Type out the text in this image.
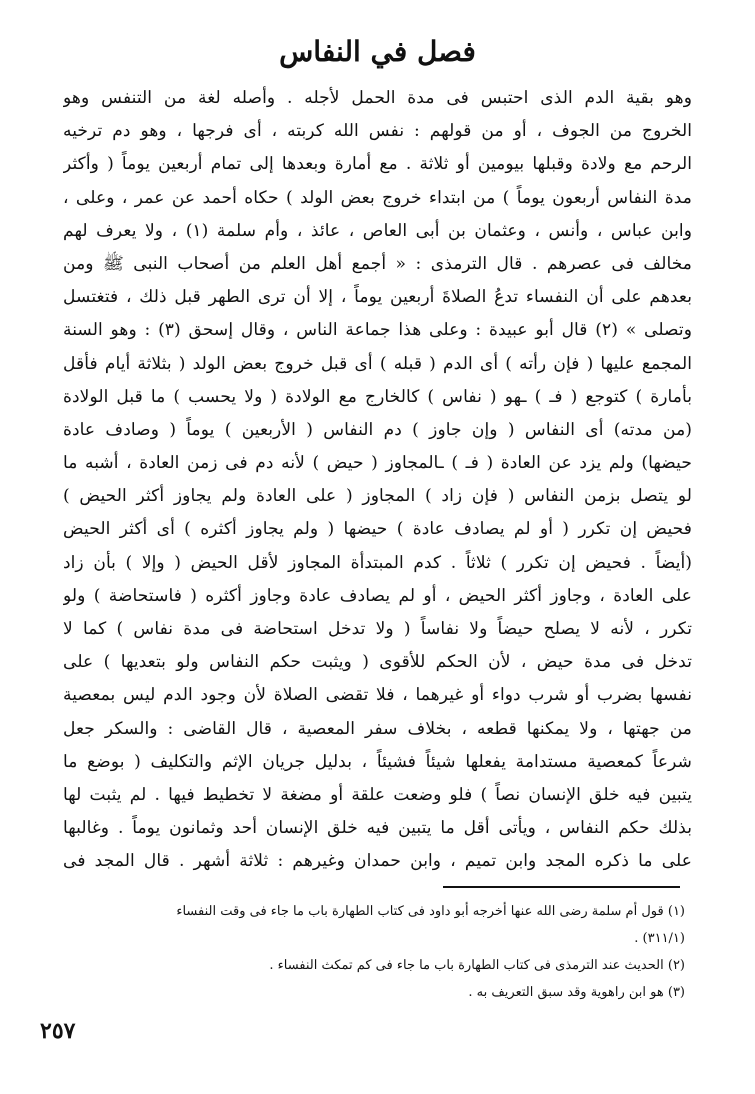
فصل في النفاس
وهو بقية الدم الذى احتبس فى مدة الحمل لأجله . وأصله لغة من التنفس وهو
الخروج من الجوف ، أو من قولهم : نفس الله كربته ، أى فرجها ، وهو دم ترخيه
الرحم مع ولادة وقبلها بيومين أو ثلاثة . مع أمارة وبعدها إلى تمام أربعين يوماً ( وأكثر
مدة النفاس أربعون يوماً ) من ابتداء خروج بعض الولد ) حكاه أحمد عن عمر ، وعلى ،
وابن عباس ، وأنس ، وعثمان بن أبى العاص ، عائذ ، وأم سلمة (١) ، ولا يعرف لهم
مخالف فى عصرهم . قال الترمذى : « أجمع أهل العلم من أصحاب النبى ﷺ ومن
بعدهم على أن النفساء تدعُ الصلاةَ أربعين يوماً ، إلا أن ترى الطهر قبل ذلك ، فتغتسل
وتصلى » (٢) قال أبو عبيدة : وعلى هذا جماعة الناس ، وقال إسحق (٣) : وهو السنة
المجمع عليها ( فإن رأته ) أى الدم ( قبله ) أى قبل خروج بعض الولد ( بثلاثة أيام فأقل
بأمارة ) كتوجع ( فـ ) ـهو ( نفاس ) كالخارج مع الولادة ( ولا يحسب ) ما قبل الولادة
(من مدته) أى النفاس ( وإن جاوز ) دم النفاس ( الأربعين ) يوماً ( وصادف عادة
حيضها) ولم يزد عن العادة ( فـ ) ـالمجاوز ( حيض ) لأنه دم فى زمن العادة ، أشبه ما
لو يتصل بزمن النفاس ( فإن زاد ) المجاوز ( على العادة ولم يجاوز أكثر الحيض )
فحيض إن تكرر ( أو لم يصادف عادة ) حيضها ( ولم يجاوز أكثره ) أى أكثر الحيض
(أيضاً . فحيض إن تكرر ) ثلاثاً . كدم المبتدأة المجاوز لأقل الحيض ( وإلا ) بأن زاد
على العادة ، وجاوز أكثر الحيض ، أو لم يصادف عادة وجاوز أكثره ( فاستحاضة ) ولو
تكرر ، لأنه لا يصلح حيضاً ولا نفاساً ( ولا تدخل استحاضة فى مدة نفاس ) كما لا
تدخل فى مدة حيض ، لأن الحكم للأقوى ( ويثبت حكم النفاس ولو بتعديها ) على
نفسها بضرب أو شرب دواء أو غيرهما ، فلا تقضى الصلاة لأن وجود الدم ليس بمعصية
من جهتها ، ولا يمكنها قطعه ، بخلاف سفر المعصية ، قال القاضى : والسكر جعل
شرعاً كمعصية مستدامة يفعلها شيئاً فشيئاً ، بدليل جريان الإثم والتكليف ( بوضع ما
يتبين فيه خلق الإنسان نصاً ) فلو وضعت علقة أو مضغة لا تخطيط فيها . لم يثبت لها
بذلك حكم النفاس ، ويأتى أقل ما يتبين فيه خلق الإنسان أحد وثمانون يوماً . وغالبها
على ما ذكره المجد وابن تميم ، وابن حمدان وغيرهم : ثلاثة أشهر . قال المجد فى
(١) قول أم سلمة رضى الله عنها أخرجه أبو داود فى كتاب الطهارة باب ما جاء فى وقت النفساء
(٣١١/١) .
(٢) الحديث عند الترمذى فى كتاب الطهارة باب ما جاء فى كم تمكث النفساء .
(٣) هو ابن راهوية وقد سبق التعريف به .
٢٥٧
